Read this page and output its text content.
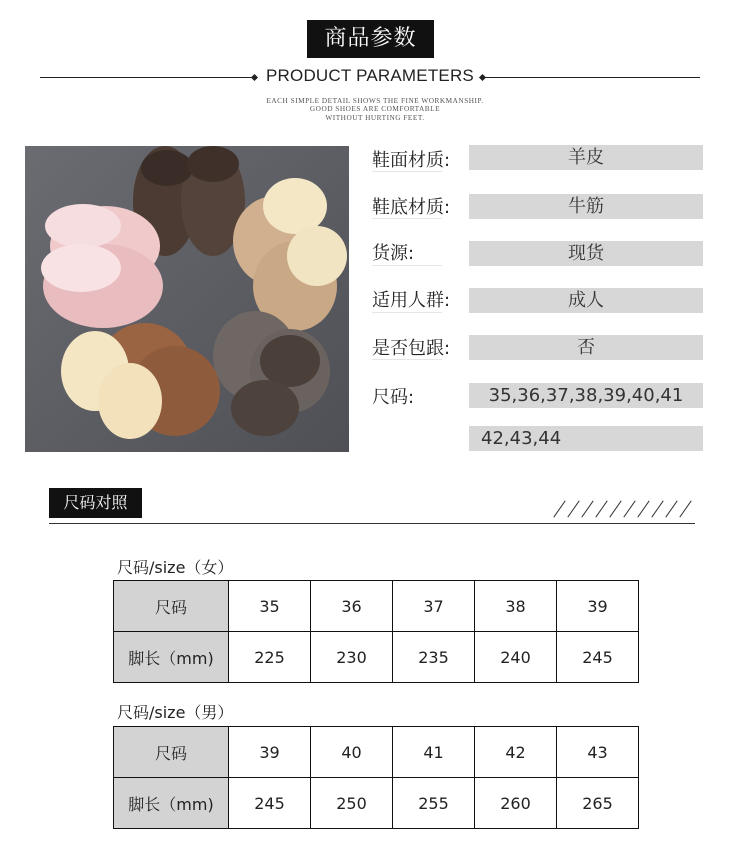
商品参数
PRODUCT PARAMETERS
EACH SIMPLE DETAIL SHOWS THE FINE WORKMANSHIP.
GOOD SHOES ARE COMFORTABLE
WITHOUT HURTING FEET.
鞋面材质:	羊皮
鞋底材质:	牛筋
货源:	现货
适用人群:	成人
是否包跟:	否
尺码:	35,36,37,38,39,40,41
42,43,44
尺码对照
尺码/size（女）
尺码	35	36	37	38	39
脚长（mm)	225	230	235	240	245
尺码/size（男）
尺码	39	40	41	42	43
脚长（mm)	245	250	255	260	265
